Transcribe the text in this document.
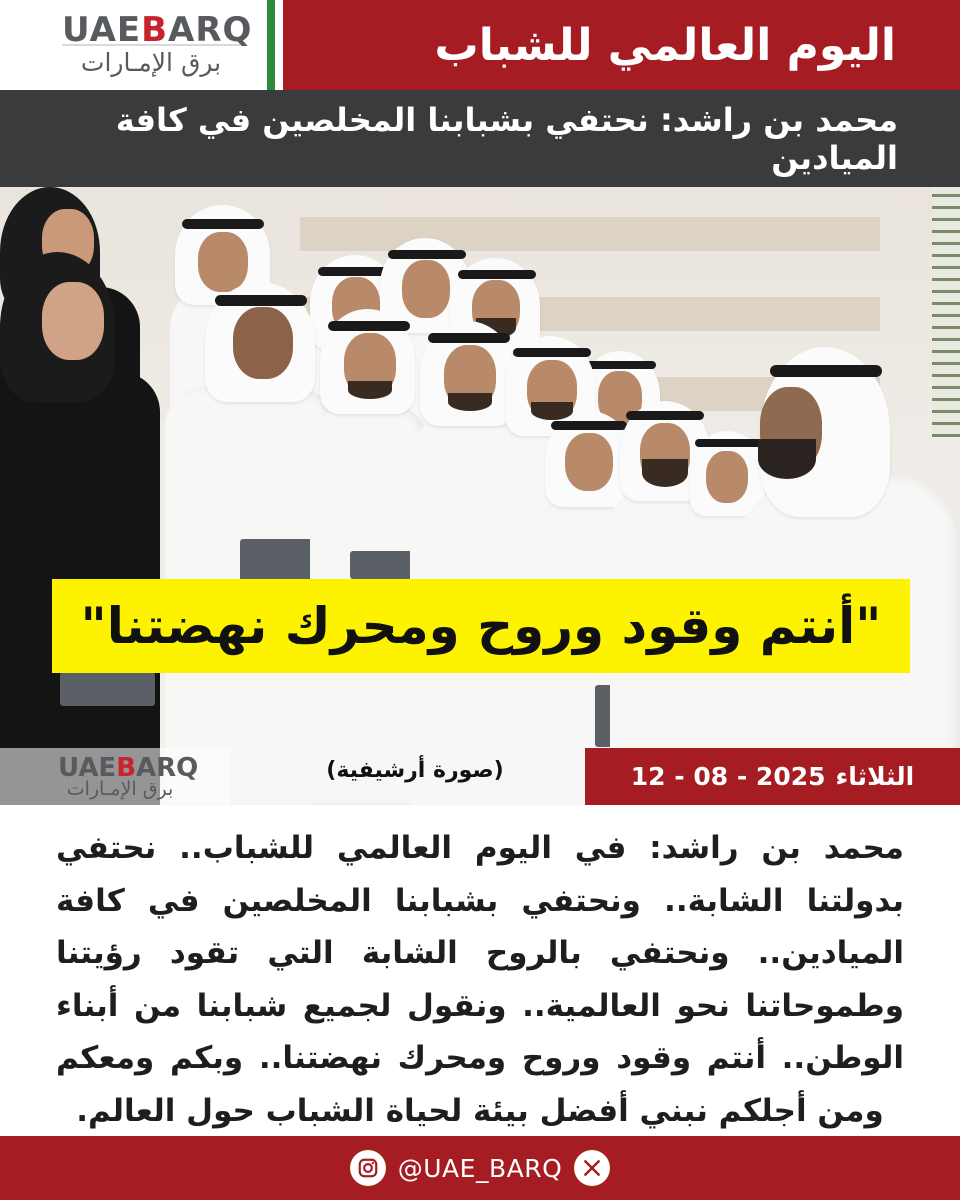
UAEBARQ
برق الإمـارات	اليوم العالمي للشباب
محمد بن راشد: نحتفي بشبابنا المخلصين في كافة الميادين
"أنتم وقود وروح ومحرك نهضتنا"
UAEBARQ
برق الإمـارات
(صورة أرشيفية)	الثلاثاء
12 - 08 - 2025
محمد بن راشد: في اليوم العالمي للشباب.. نحتفي بدولتنا الشابة.. ونحتفي بشبابنا المخلصين في كافة الميادين.. ونحتفي بالروح الشابة التي تقود رؤيتنا وطموحاتنا نحو العالمية.. ونقول لجميع شبابنا من أبناء الوطن.. أنتم وقود وروح ومحرك نهضتنا.. وبكم ومعكم ومن أجلكم نبني أفضل بيئة لحياة الشباب حول العالم.
@UAE_BARQ
